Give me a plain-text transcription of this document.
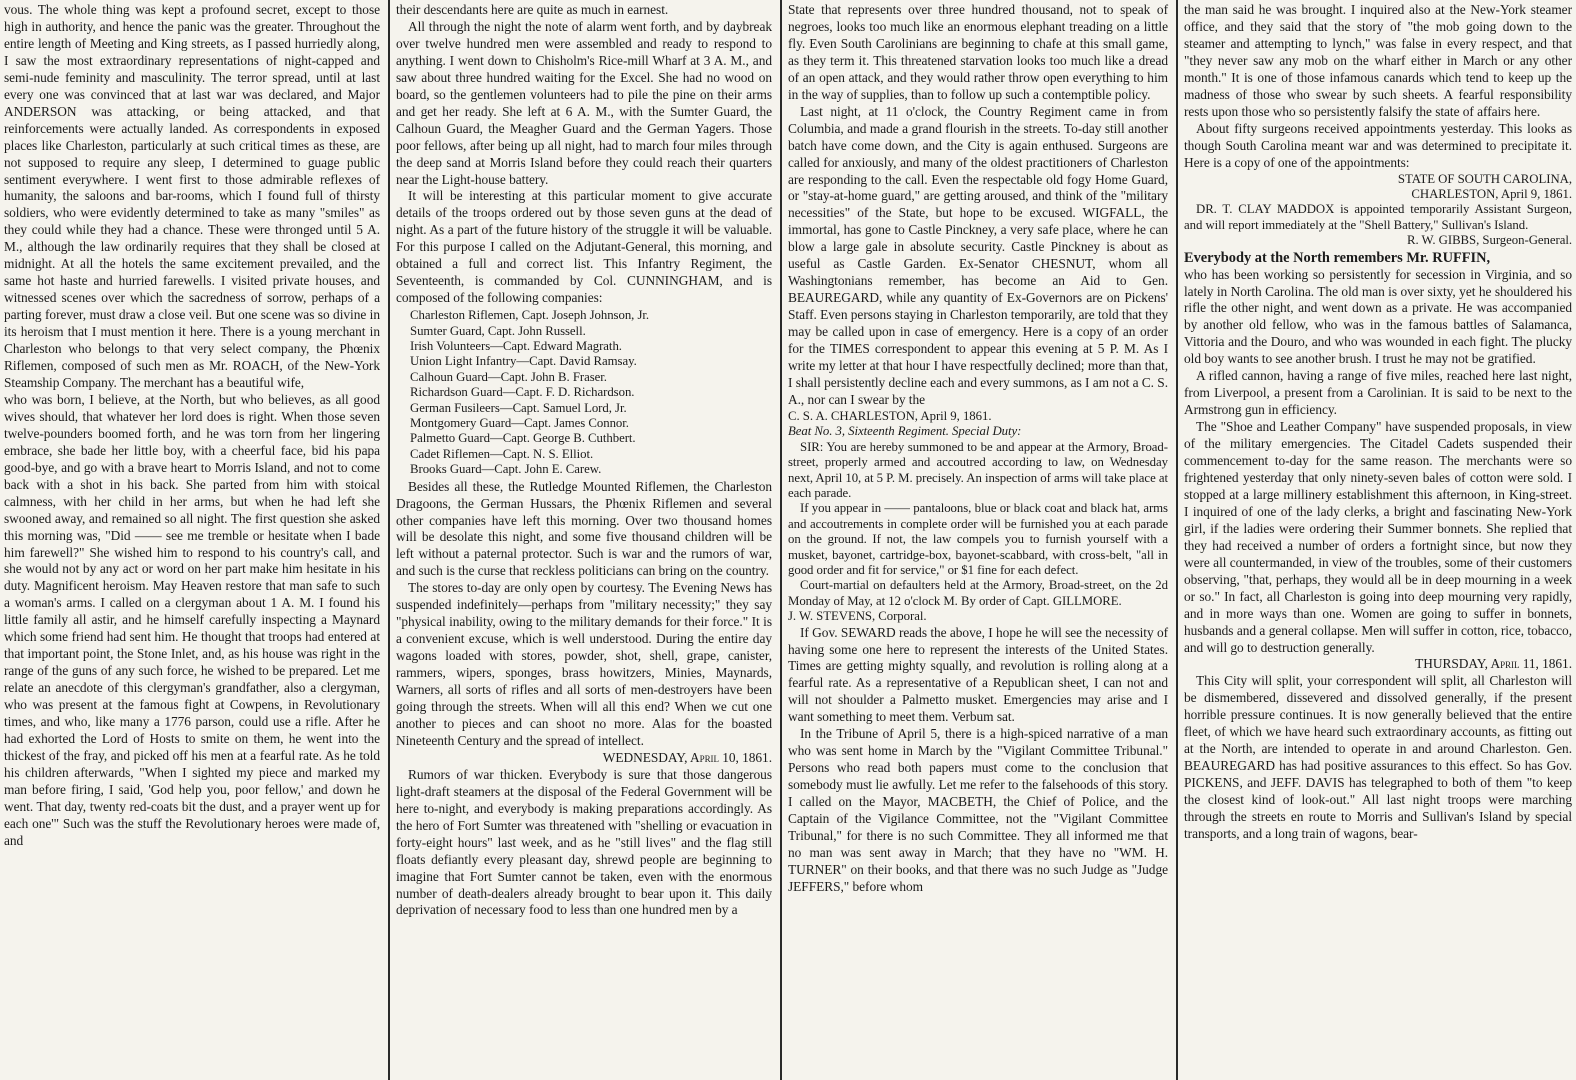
vous. The whole thing was kept a profound secret, except to those high in authority, and hence the panic was the greater. Throughout the entire length of Meeting and King streets, as I passed hurriedly along, I saw the most extraordinary representations of night-capped and semi-nude feminity and masculinity. The terror spread, until at last every one was convinced that at last war was declared, and Major ANDERSON was attacking, or being attacked, and that reinforcements were actually landed. As correspondents in exposed places like Charleston, particularly at such critical times as these, are not supposed to require any sleep, I determined to guage public sentiment everywhere. I went first to those admirable reflexes of humanity, the saloons and bar-rooms, which I found full of thirsty soldiers, who were evidently determined to take as many "smiles" as they could while they had a chance. These were thronged until 5 A. M., although the law ordinarily requires that they shall be closed at midnight. At all the hotels the same excitement prevailed, and the same hot haste and hurried farewells. I visited private houses, and witnessed scenes over which the sacredness of sorrow, perhaps of a parting forever, must draw a close veil. But one scene was so divine in its heroism that I must mention it here. There is a young merchant in Charleston who belongs to that very select company, the Phœnix Riflemen, composed of such men as Mr. ROACH, of the New-York Steamship Company. The merchant has a beautiful wife,

who was born, I believe, at the North, but who believes, as all good wives should, that whatever her lord does is right. When those seven twelve-pounders boomed forth, and he was torn from her lingering embrace, she bade her little boy, with a cheerful face, bid his papa good-bye, and go with a brave heart to Morris Island, and not to come back with a shot in his back. She parted from him with stoical calmness, with her child in her arms, but when he had left she swooned away, and remained so all night. The first question she asked this morning was, "Did —— see me tremble or hesitate when I bade him farewell?" She wished him to respond to his country's call, and she would not by any act or word on her part make him hesitate in his duty. Magnificent heroism. May Heaven restore that man safe to such a woman's arms. I called on a clergyman about 1 A. M. I found his little family all astir, and he himself carefully inspecting a Maynard which some friend had sent him. He thought that troops had entered at that important point, the Stone Inlet, and, as his house was right in the range of the guns of any such force, he wished to be prepared. Let me relate an anecdote of this clergyman's grandfather, also a clergyman, who was present at the famous fight at Cowpens, in Revolutionary times, and who, like many a 1776 parson, could use a rifle. After he had exhorted the Lord of Hosts to smite on them, he went into the thickest of the fray, and picked off his men at a fearful rate. As he told his children afterwards, "When I sighted my piece and marked my man before firing, I said, 'God help you, poor fellow,' and down he went. That day, twenty red-coats bit the dust, and a prayer went up for each one'" Such was the stuff the Revolutionary heroes were made of, and

their descendants here are quite as much in earnest.

All through the night the note of alarm went forth, and by daybreak over twelve hundred men were assembled and ready to respond to anything. I went down to Chisholm's Rice-mill Wharf at 3 A. M., and saw about three hundred waiting for the Excel. She had no wood on board, so the gentlemen volunteers had to pile the pine on their arms and get her ready. She left at 6 A. M., with the Sumter Guard, the Calhoun Guard, the Meagher Guard and the German Yagers. Those poor fellows, after being up all night, had to march four miles through the deep sand at Morris Island before they could reach their quarters near the Light-house battery.

It will be interesting at this particular moment to give accurate details of the troops ordered out by those seven guns at the dead of night. As a part of the future history of the struggle it will be valuable. For this purpose I called on the Adjutant-General, this morning, and obtained a full and correct list. This Infantry Regiment, the Seventeenth, is commanded by Col. CUNNINGHAM, and is composed of the following companies:

Charleston Riflemen, Capt. Joseph Johnson, Jr.
Sumter Guard, Capt. John Russell.
Irish Volunteers—Capt. Edward Magrath.
Union Light Infantry—Capt. David Ramsay.
Calhoun Guard—Capt. John B. Fraser.
Richardson Guard—Capt. F. D. Richardson.
German Fusileers—Capt. Samuel Lord, Jr.
Montgomery Guard—Capt. James Connor.
Palmetto Guard—Capt. George B. Cuthbert.
Cadet Riflemen—Capt. N. S. Elliot.
Brooks Guard—Capt. John E. Carew.

Besides all these, the Rutledge Mounted Riflemen, the Charleston Dragoons, the German Hussars, the Phœnix Riflemen and several other companies have left this morning. Over two thousand homes will be desolate this night, and some five thousand children will be left without a paternal protector. Such is war and the rumors of war, and such is the curse that reckless politicians can bring on the country.

The stores to-day are only open by courtesy. The Evening News has suspended indefinitely—perhaps from "military necessity;" they say "physical inability, owing to the military demands for their force." It is a convenient excuse, which is well understood. During the entire day wagons loaded with stores, powder, shot, shell, grape, canister, rammers, wipers, sponges, brass howitzers, Minies, Maynards, Warners, all sorts of rifles and all sorts of men-destroyers have been going through the streets. When will all this end? When we cut one another to pieces and can shoot no more. Alas for the boasted Nineteenth Century and the spread of intellect.

WEDNESDAY, April 10, 1861.

Rumors of war thicken. Everybody is sure that those dangerous light-draft steamers at the disposal of the Federal Government will be here to-night, and everybody is making preparations accordingly. As the hero of Fort Sumter was threatened with "shelling or evacuation in forty-eight hours" last week, and as he "still lives" and the flag still floats defiantly every pleasant day, shrewd people are beginning to imagine that Fort Sumter cannot be taken, even with the enormous number of death-dealers already brought to bear upon it. This daily deprivation of necessary food to less than one hundred men by a

State that represents over three hundred thousand, not to speak of negroes, looks too much like an enormous elephant treading on a little fly. Even South Carolinians are beginning to chafe at this small game, as they term it. This threatened starvation looks too much like a dread of an open attack, and they would rather throw open everything to him in the way of supplies, than to follow up such a contemptible policy.

Last night, at 11 o'clock, the Country Regiment came in from Columbia, and made a grand flourish in the streets. To-day still another batch have come down, and the City is again enthused. Surgeons are called for anxiously, and many of the oldest practitioners of Charleston are responding to the call. Even the respectable old fogy Home Guard, or "stay-at-home guard," are getting aroused, and think of the "military necessities" of the State, but hope to be excused. WIGFALL, the immortal, has gone to Castle Pinckney, a very safe place, where he can blow a large gale in absolute security. Castle Pinckney is about as useful as Castle Garden. Ex-Senator CHESNUT, whom all Washingtonians remember, has become an Aid to Gen. BEAUREGARD, while any quantity of Ex-Governors are on Pickens' Staff. Even persons staying in Charleston temporarily, are told that they may be called upon in case of emergency. Here is a copy of an order for the TIMES correspondent to appear this evening at 5 P. M. As I write my letter at that hour I have respectfully declined; more than that, I shall persistently decline each and every summons, as I am not a C. S. A., nor can I swear by the

C. S. A. CHARLESTON, April 9, 1861.

Beat No. 3, Sixteenth Regiment. Special Duty:

SIR: You are hereby summoned to be and appear at the Armory, Broad-street, properly armed and accoutred according to law, on Wednesday next, April 10, at 5 P. M. precisely. An inspection of arms will take place at each parade.

If you appear in —— pantaloons, blue or black coat and black hat, arms and accoutrements in complete order will be furnished you at each parade on the ground. If not, the law compels you to furnish yourself with a musket, bayonet, cartridge-box, bayonet-scabbard, with cross-belt, "all in good order and fit for service," or $1 fine for each defect.

Court-martial on defaulters held at the Armory, Broad-street, on the 2d Monday of May, at 12 o'clock M. By order of Capt. GILLMORE.

J. W. STEVENS, Corporal.

If Gov. SEWARD reads the above, I hope he will see the necessity of having some one here to represent the interests of the United States. Times are getting mighty squally, and revolution is rolling along at a fearful rate. As a representative of a Republican sheet, I can not and will not shoulder a Palmetto musket. Emergencies may arise and I want something to meet them. Verbum sat.

In the Tribune of April 5, there is a high-spiced narrative of a man who was sent home in March by the "Vigilant Committee Tribunal." Persons who read both papers must come to the conclusion that somebody must lie awfully. Let me refer to the falsehoods of this story. I called on the Mayor, MACBETH, the Chief of Police, and the Captain of the Vigilance Committee, not the "Vigilant Committee Tribunal," for there is no such Committee. They all informed me that no man was sent away in March; that they have no "WM. H. TURNER" on their books, and that there was no such Judge as "Judge JEFFERS," before whom

the man said he was brought. I inquired also at the New-York steamer office, and they said that the story of "the mob going down to the steamer and attempting to lynch," was false in every respect, and that "they never saw any mob on the wharf either in March or any other month." It is one of those infamous canards which tend to keep up the madness of those who swear by such sheets. A fearful responsibility rests upon those who so persistently falsify the state of affairs here.

About fifty surgeons received appointments yesterday. This looks as though South Carolina meant war and was determined to precipitate it. Here is a copy of one of the appointments:

STATE OF SOUTH CAROLINA,

CHARLESTON, April 9, 1861.

DR. T. CLAY MADDOX is appointed temporarily Assistant Surgeon, and will report immediately at the "Shell Battery," Sullivan's Island.

R. W. GIBBS, Surgeon-General.

Everybody at the North remembers Mr. RUFFIN,

who has been working so persistently for secession in Virginia, and so lately in North Carolina. The old man is over sixty, yet he shouldered his rifle the other night, and went down as a private. He was accompanied by another old fellow, who was in the famous battles of Salamanca, Vittoria and the Douro, and who was wounded in each fight. The plucky old boy wants to see another brush. I trust he may not be gratified.

A rifled cannon, having a range of five miles, reached here last night, from Liverpool, a present from a Carolinian. It is said to be next to the Armstrong gun in efficiency.

The "Shoe and Leather Company" have suspended proposals, in view of the military emergencies. The Citadel Cadets suspended their commencement to-day for the same reason. The merchants were so frightened yesterday that only ninety-seven bales of cotton were sold. I stopped at a large millinery establishment this afternoon, in King-street. I inquired of one of the lady clerks, a bright and fascinating New-York girl, if the ladies were ordering their Summer bonnets. She replied that they had received a number of orders a fortnight since, but now they were all countermanded, in view of the troubles, some of their customers observing, "that, perhaps, they would all be in deep mourning in a week or so." In fact, all Charleston is going into deep mourning very rapidly, and in more ways than one. Women are going to suffer in bonnets, husbands and a general collapse. Men will suffer in cotton, rice, tobacco, and will go to destruction generally.

THURSDAY, April 11, 1861.

This City will split, your correspondent will split, all Charleston will be dismembered, dissevered and dissolved generally, if the present horrible pressure continues. It is now generally believed that the entire fleet, of which we have heard such extraordinary accounts, as fitting out at the North, are intended to operate in and around Charleston. Gen. BEAUREGARD has had positive assurances to this effect. So has Gov. PICKENS, and JEFF. DAVIS has telegraphed to both of them "to keep the closest kind of look-out." All last night troops were marching through the streets en route to Morris and Sullivan's Island by special transports, and a long train of wagons, bear-
